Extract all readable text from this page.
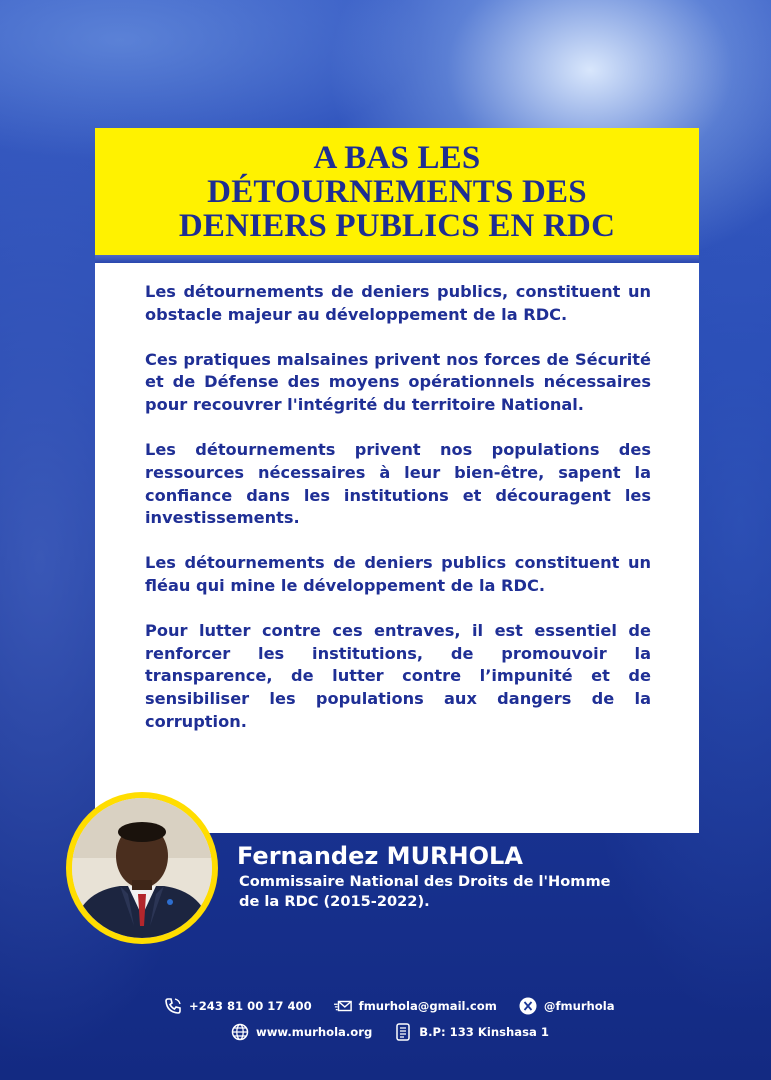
A BAS LES
DÉTOURNEMENTS DES
DENIERS PUBLICS EN RDC

Les détournements de deniers publics, constituent un obstacle majeur au développement de la RDC.

Ces pratiques malsaines privent nos forces de Sécurité et de Défense des moyens opérationnels nécessaires pour recouvrer l'intégrité du territoire National.

Les détournements privent nos populations des ressources nécessaires à leur bien-être, sapent la confiance dans les institutions et découragent les investissements.

Les détournements de deniers publics constituent un fléau qui mine le développement de la RDC.

Pour lutter contre ces entraves, il est essentiel de renforcer les institutions, de promouvoir la transparence, de lutter contre l’impunité et de sensibiliser les populations aux dangers de la corruption.

Fernandez MURHOLA
Commissaire National des Droits de l'Homme
de la RDC (2015-2022).
+243 81 00 17 400	fmurhola@gmail.com	@fmurhola
www.murhola.org	B.P: 133 Kinshasa 1
